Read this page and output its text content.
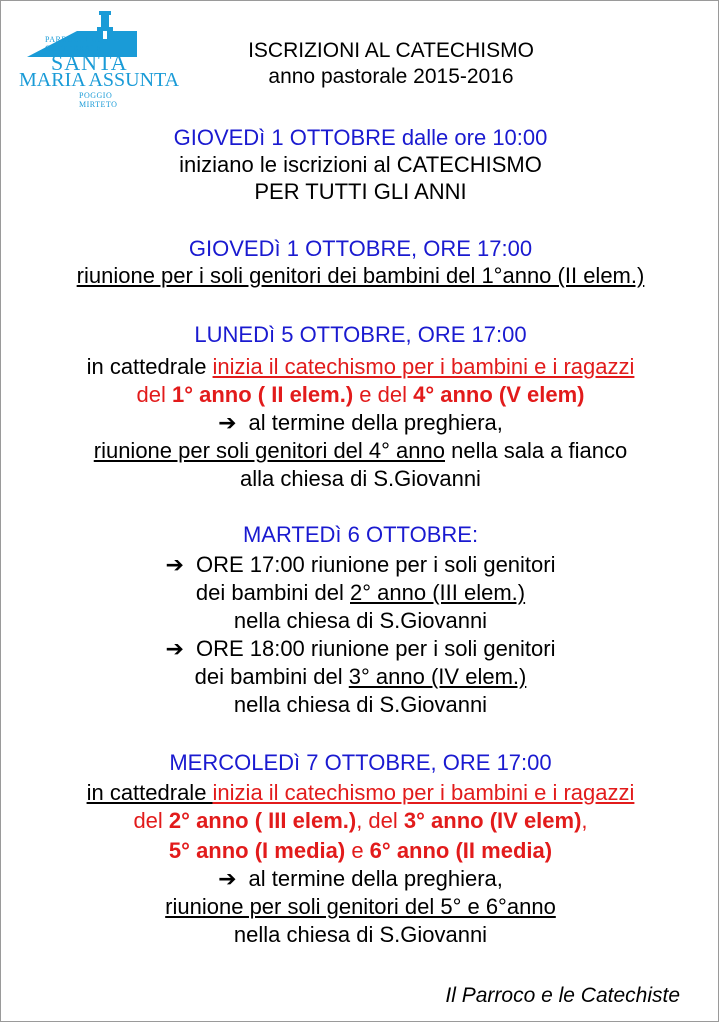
PARROCCHIA
CATTEDRALE
SANTA
MARIA ASSUNTA
POGGIO MIRTETO
ISCRIZIONI AL CATECHISMO
anno pastorale 2015-2016
GIOVEDì 1 OTTOBRE dalle ore 10:00
iniziano le iscrizioni al CATECHISMO
PER TUTTI GLI ANNI
GIOVEDì 1 OTTOBRE, ORE 17:00
riunione per i soli genitori dei bambini del 1°anno (II elem.)
LUNEDì 5 OTTOBRE, ORE 17:00
in cattedrale inizia il catechismo per i bambini e i ragazzi
del 1° anno ( II elem.) e del 4° anno (V elem)
➔ al termine della preghiera,
riunione per soli genitori del 4° anno nella sala a fianco
alla chiesa di S.Giovanni
MARTEDì 6 OTTOBRE:
➔ ORE 17:00 riunione per i soli genitori
dei bambini del 2° anno (III elem.)
nella chiesa di S.Giovanni
➔ ORE 18:00 riunione per i soli genitori
dei bambini del 3° anno (IV elem.)
nella chiesa di S.Giovanni
MERCOLEDì 7 OTTOBRE, ORE 17:00
in cattedrale inizia il catechismo per i bambini e i ragazzi
del 2° anno ( III elem.), del 3° anno (IV elem),
5° anno (I media) e 6° anno (II media)
➔ al termine della preghiera,
riunione per soli genitori del 5° e 6°anno
nella chiesa di S.Giovanni
Il Parroco e le Catechiste
